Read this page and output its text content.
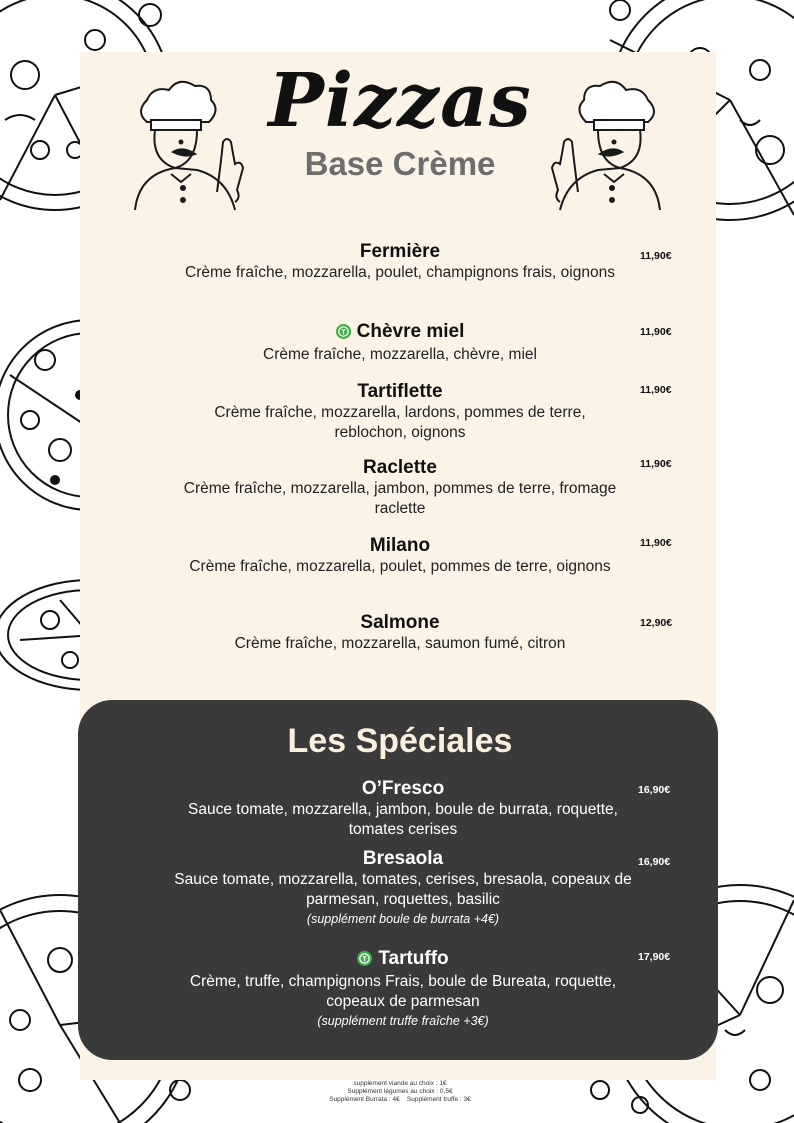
Pizzas
Base Crème
Fermière
Crème fraîche, mozzarella, poulet, champignons frais, oignons
11,90€
Chèvre miel
Crème fraîche, mozzarella, chèvre, miel
11,90€
Tartiflette
Crème fraîche, mozzarella, lardons, pommes de terre, reblochon, oignons
11,90€
Raclette
Crème fraîche, mozzarella, jambon, pommes de terre, fromage raclette
11,90€
Milano
Crème fraîche, mozzarella, poulet, pommes de terre, oignons
11,90€
Salmone
Crème fraîche, mozzarella, saumon fumé, citron
12,90€
Les Spéciales
O’Fresco
Sauce tomate, mozzarella, jambon, boule de burrata, roquette, tomates cerises
16,90€
Bresaola
Sauce tomate, mozzarella, tomates, cerises, bresaola, copeaux de parmesan, roquettes, basilic
(supplément boule de burrata +4€)
16,90€
Tartuffo
Crème, truffe, champignons Frais, boule de Bureata, roquette, copeaux de parmesan
(supplément truffe fraîche +3€)
17,90€
supplément viande au choix : 1€
Supplément légumes au choix : 0,5€
Supplément Burrata : 4€    Supplément truffe : 3€
